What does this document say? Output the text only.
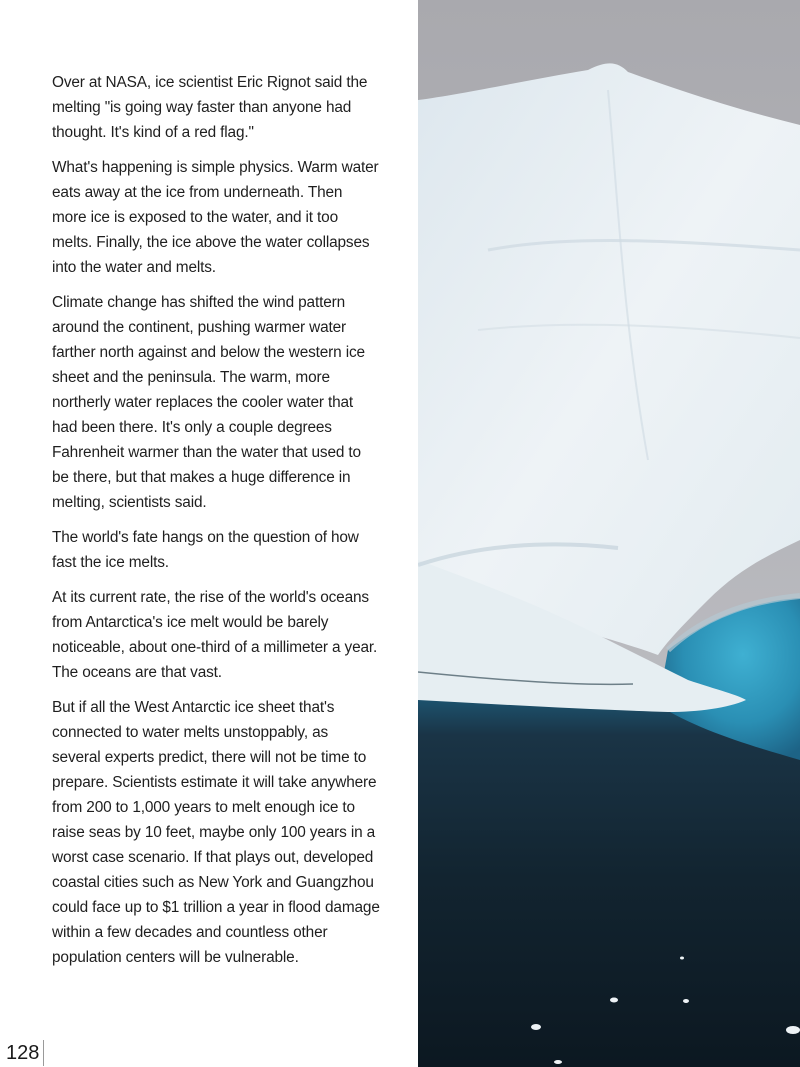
Over at NASA, ice scientist Eric Rignot said the melting "is going way faster than anyone had thought. It's kind of a red flag."

What's happening is simple physics. Warm water eats away at the ice from underneath. Then more ice is exposed to the water, and it too melts. Finally, the ice above the water collapses into the water and melts.

Climate change has shifted the wind pattern around the continent, pushing warmer water farther north against and below the western ice sheet and the peninsula. The warm, more northerly water replaces the cooler water that had been there. It's only a couple degrees Fahrenheit warmer than the water that used to be there, but that makes a huge difference in melting, scientists said.

The world's fate hangs on the question of how fast the ice melts.

At its current rate, the rise of the world's oceans from Antarctica's ice melt would be barely noticeable, about one-third of a millimeter a year. The oceans are that vast.

But if all the West Antarctic ice sheet that's connected to water melts unstoppably, as several experts predict, there will not be time to prepare. Scientists estimate it will take anywhere from 200 to 1,000 years to melt enough ice to raise seas by 10 feet, maybe only 100 years in a worst case scenario. If that plays out, developed coastal cities such as New York and Guangzhou could face up to $1 trillion a year in flood damage within a few decades and countless other population centers will be vulnerable.

128
